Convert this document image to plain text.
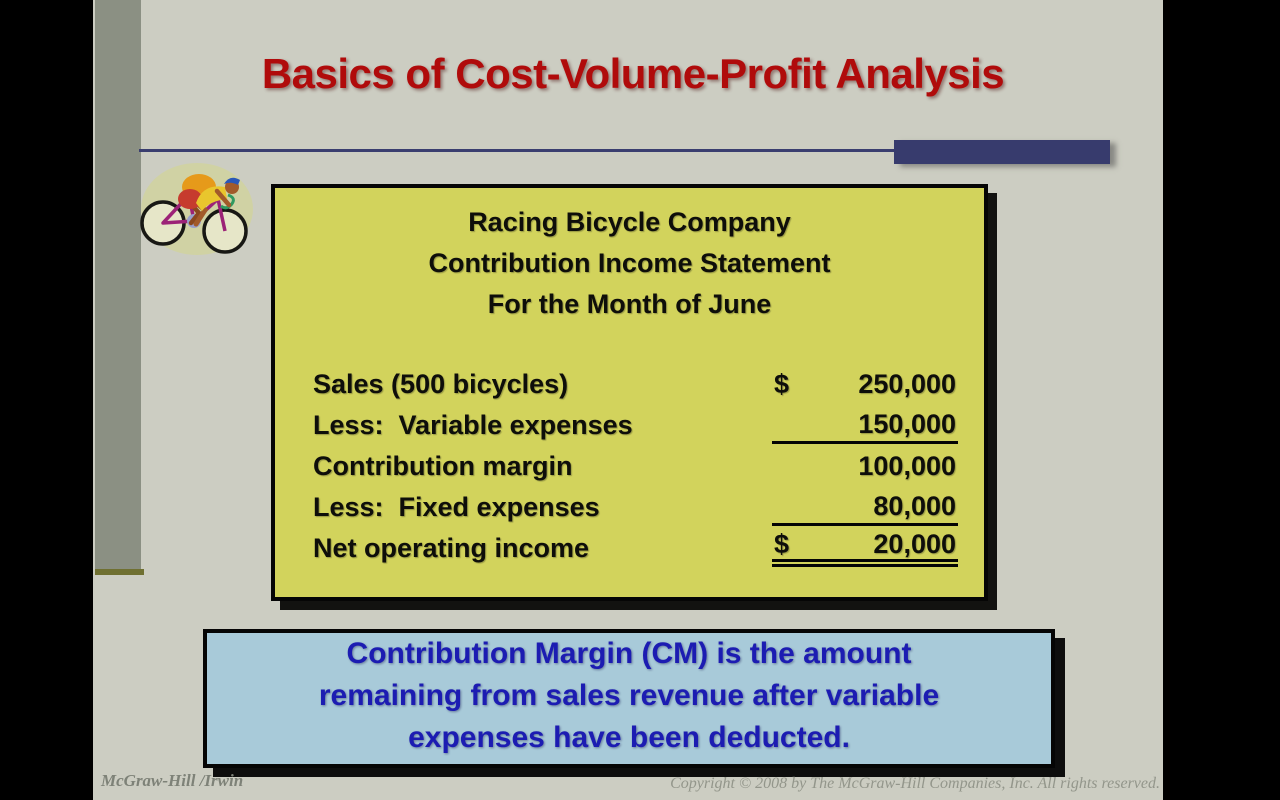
Basics of Cost-Volume-Profit Analysis
Racing Bicycle Company
Contribution Income Statement
For the Month of June
Sales (500 bicycles)	$	250,000
Less:  Variable expenses	150,000
Contribution margin	100,000
Less:  Fixed expenses	80,000
Net operating income	$	20,000
Contribution Margin (CM) is the amount
remaining from sales revenue after variable
expenses have been deducted.
McGraw-Hill /Irwin	Copyright © 2008 by The McGraw-Hill Companies, Inc. All rights reserved.
